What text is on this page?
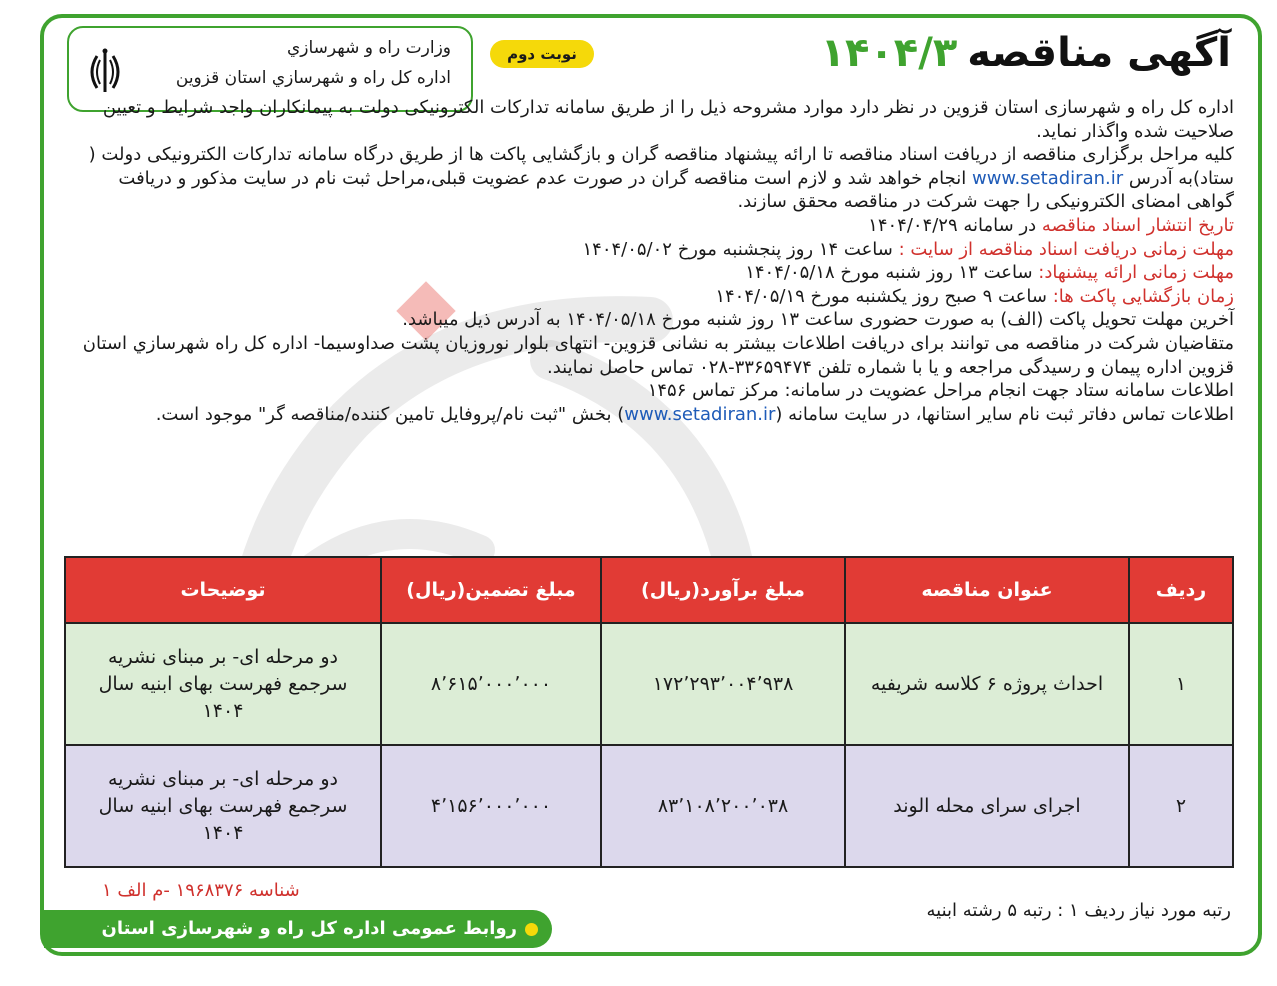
آگهی مناقصه۱۴۰۴/۳
نوبت دوم
وزارت راه و شهرسازي
اداره کل راه و شهرسازي استان قزوين

اداره کل راه و شهرسازی استان قزوین در نظر دارد موارد مشروحه ذیل را از طریق سامانه تدارکات الکترونیکی دولت به پیمانکاران واجد شرایط و تعیین صلاحیت شده واگذار نماید.

کلیه مراحل برگزاری مناقصه از دریافت اسناد مناقصه تا ارائه پیشنهاد مناقصه گران و بازگشایی پاکت ها از طریق درگاه سامانه تدارکات الکترونیکی دولت ( ستاد)به آدرس www.setadiran.ir انجام خواهد شد و لازم است مناقصه گران در صورت عدم عضویت قبلی،مراحل ثبت نام در سایت مذکور و دریافت گواهی امضای الکترونیکی را جهت شرکت در مناقصه محقق سازند.

تاریخ انتشار اسناد مناقصه در سامانه ۱۴۰۴/۰۴/۲۹

مهلت زمانی دریافت اسناد مناقصه از سایت : ساعت ۱۴ روز پنجشنبه مورخ ۱۴۰۴/۰۵/۰۲

مهلت زمانی ارائه پیشنهاد: ساعت ۱۳ روز شنبه مورخ ۱۴۰۴/۰۵/۱۸

زمان بازگشایی پاکت ها: ساعت ۹ صبح روز یکشنبه مورخ ۱۴۰۴/۰۵/۱۹

آخرین مهلت تحویل پاکت (الف) به صورت حضوری ساعت ۱۳ روز شنبه مورخ ۱۴۰۴/۰۵/۱۸ به آدرس ذیل میباشد.

متقاضیان شرکت در مناقصه می توانند برای دریافت اطلاعات بیشتر به نشانی قزوین- انتهای بلوار نوروزیان پشت صداوسیما- اداره کل راه شهرسازي استان قزوين اداره پیمان و رسیدگی مراجعه و یا با شماره تلفن ۳۳۶۵۹۴۷۴-۰۲۸ تماس حاصل نمایند.

اطلاعات سامانه ستاد جهت انجام مراحل عضویت در سامانه: مرکز تماس ۱۴۵۶

اطلاعات تماس دفاتر ثبت نام سایر استانها، در سایت سامانه (www.setadiran.ir) بخش "ثبت نام/پروفایل تامین کننده/مناقصه گر" موجود است.

ردیف	عنوان مناقصه	مبلغ برآورد(ریال)	مبلغ تضمین(ریال)	توضیحات
۱	احداث پروژه ۶ کلاسه شریفیه	۱۷۲٬۲۹۳٬۰۰۴٬۹۳۸	۸٬۶۱۵٬۰۰۰٬۰۰۰	دو مرحله ای- بر مبنای نشریه سرجمع فهرست بهای ابنیه سال ۱۴۰۴
۲	اجرای سرای محله الوند	۸۳٬۱۰۸٬۲۰۰٬۰۳۸	۴٬۱۵۶٬۰۰۰٬۰۰۰	دو مرحله ای- بر مبنای نشریه سرجمع فهرست بهای ابنیه سال ۱۴۰۴
شناسه ۱۹۶۸۳۷۶ -م الف ۱
رتبه مورد نیاز ردیف ۱ : رتبه ۵ رشته ابنیه
روابط عمومی اداره کل راه و شهرسازی استان قزوین
